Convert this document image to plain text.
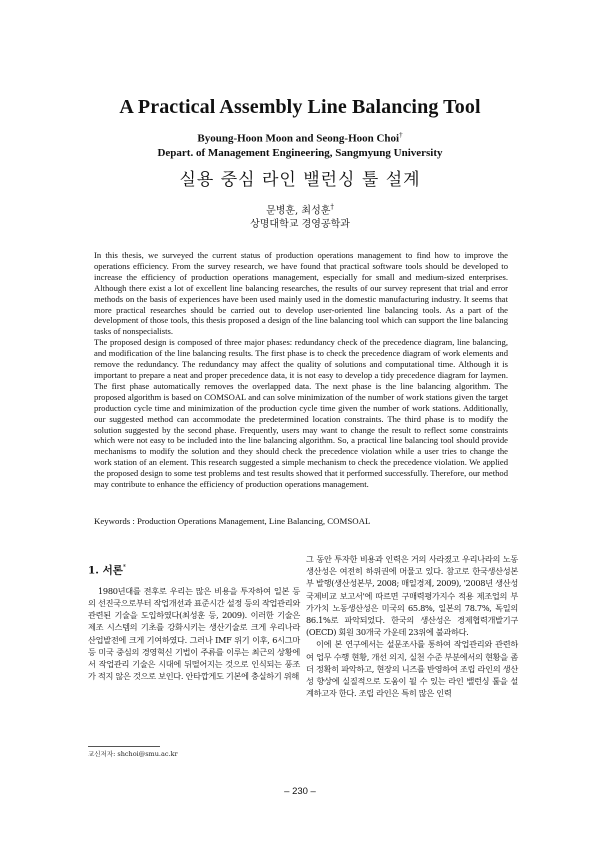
A Practical Assembly Line Balancing Tool
Byoung-Hoon Moon and Seong-Hoon Choi†
Depart. of Management Engineering, Sangmyung University
실용 중심 라인 밸런싱 툴 설계
문병훈, 최성훈†
상명대학교 경영공학과

In this thesis, we surveyed the current status of production operations management to find how to improve the operations efficiency. From the survey research, we have found that practical software tools should be developed to increase the efficiency of production operations management, especially for small and medium-sized enterprises. Although there exist a lot of excellent line balancing researches, the results of our survey represent that trial and error methods on the basis of experiences have been used mainly used in the domestic manufacturing industry. It seems that more practical researches should be carried out to develop user-oriented line balancing tools. As a part of the development of those tools, this thesis proposed a design of the line balancing tool which can support the line balancing tasks of nonspecialists.

The proposed design is composed of three major phases: redundancy check of the precedence diagram, line balancing, and modification of the line balancing results. The first phase is to check the precedence diagram of work elements and remove the redundancy. The redundancy may affect the quality of solutions and computational time. Although it is important to prepare a neat and proper precedence data, it is not easy to develop a tidy precedence diagram for laymen. The first phase automatically removes the overlapped data. The next phase is the line balancing algorithm. The proposed algorithm is based on COMSOAL and can solve minimization of the number of work stations given the target production cycle time and minimization of the production cycle time given the number of work stations. Additionally, our suggested method can accommodate the predetermined location constraints. The third phase is to modify the solution suggested by the second phase. Frequently, users may want to change the result to reflect some constraints which were not easy to be included into the line balancing algorithm. So, a practical line balancing tool should provide mechanisms to modify the solution and they should check the precedence violation while a user tries to change the work station of an element. This research suggested a simple mechanism to check the precedence violation. We applied the proposed design to some test problems and test results showed that it performed successfully. Therefore, our method may contribute to enhance the efficiency of production operations management.

Keywords : Production Operations Management, Line Balancing, COMSOAL
1. 서론*

1980년대를 전후로 우리는 많은 비용을 투자하여 일본 등의 선진국으로부터 작업개선과 표준시간 설정 등의 작업관리와 관련된 기술을 도입하였다(최성훈 등, 2009). 이러한 기술은 제조 시스템의 기초를 강화시키는 생산기술로 크게 우리나라 산업발전에 크게 기여하였다. 그러나 IMF 위기 이후, 6시그마 등 미국 중심의 경영혁신 기법이 주류를 이루는 최근의 상황에서 작업관리 기술은 시대에 뒤떨어지는 것으로 인식되는 풍조가 적지 않은 것으로 보인다. 안타깝게도 기본에 충실하기 위해

그 동안 투자한 비용과 인력은 거의 사라졌고 우리나라의 노동생산성은 여전히 하위권에 머물고 있다. 참고로 한국생산성본부 발행(생산성본부, 2008; 매일경제, 2009), '2008년 생산성 국제비교 보고서'에 따르면 구매력평가지수 적용 제조업의 부가가치 노동생산성은 미국의 65.8%, 일본의 78.7%, 독일의 86.1%로 파악되었다. 한국의 생산성은 경제협력개발기구(OECD) 회원 30개국 가운데 23위에 불과하다.

이에 본 연구에서는 설문조사를 통하여 작업관리와 관련하여 업무 수행 현황, 개선 의지, 실천 수준 부분에서의 현황을 좀 더 정확히 파악하고, 현장의 니즈를 반영하여 조립 라인의 생산성 향상에 실질적으로 도움이 될 수 있는 라인 밸런싱 툴을 설계하고자 한다. 조립 라인은 특히 많은 인력

교신저자: shchoi@smu.ac.kr
– 230 –
